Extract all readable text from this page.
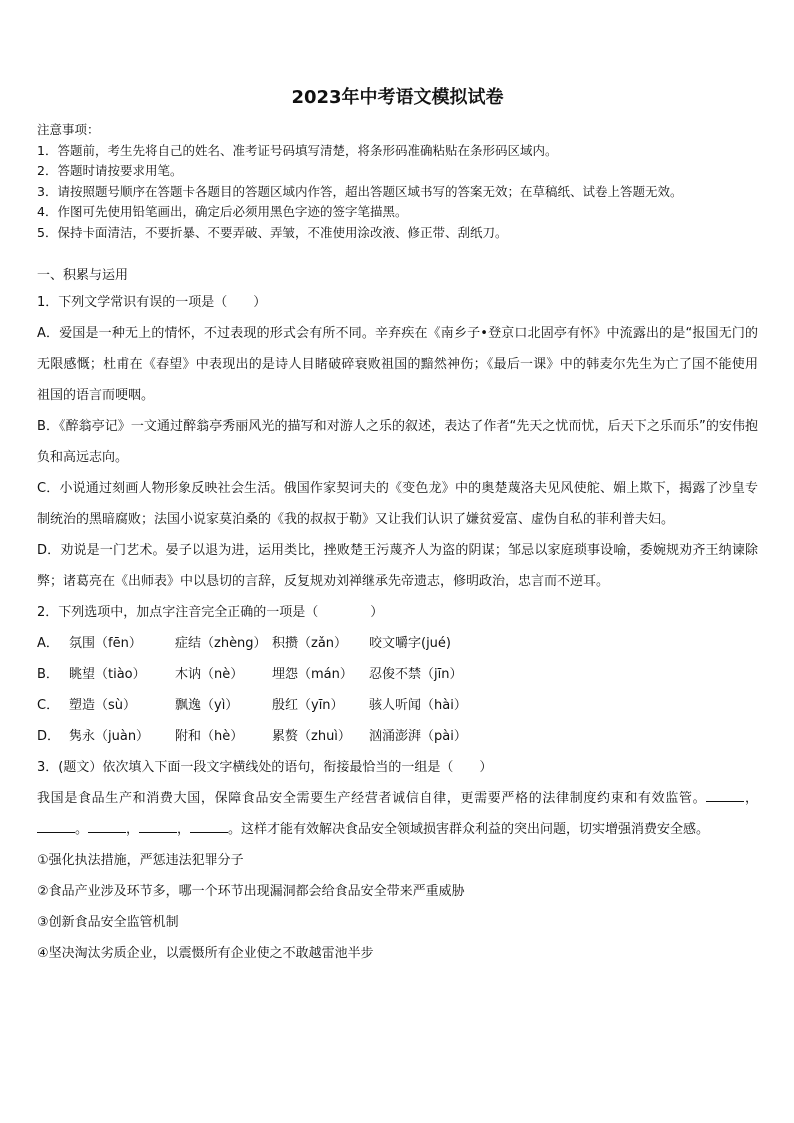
2023年中考语文模拟试卷
注意事项：
1．答题前，考生先将自己的姓名、准考证号码填写清楚，将条形码准确粘贴在条形码区域内。
2．答题时请按要求用笔。
3．请按照题号顺序在答题卡各题目的答题区域内作答，超出答题区域书写的答案无效；在草稿纸、试卷上答题无效。
4．作图可先使用铅笔画出，确定后必须用黑色字迹的签字笔描黑。
5．保持卡面清洁，不要折暴、不要弄破、弄皱，不准使用涂改液、修正带、刮纸刀。
一、积累与运用
1．下列文学常识有误的一项是（　　）
A．爱国是一种无上的情怀，不过表现的形式会有所不同。辛弃疾在《南乡子•登京口北固亭有怀》中流露出的是“报国无门的无限感慨；杜甫在《春望》中表现出的是诗人目睹破碎衰败祖国的黯然神伤；《最后一课》中的韩麦尔先生为亡了国不能使用祖国的语言而哽咽。
B．《醉翁亭记》一文通过醉翁亭秀丽风光的描写和对游人之乐的叙述，表达了作者“先天之忧而忧，后天下之乐而乐”的安伟抱负和高远志向。
C．小说通过刻画人物形象反映社会生活。俄国作家契诃夫的《变色龙》中的奥楚蔑洛夫见风使舵、媚上欺下，揭露了沙皇专制统治的黑暗腐败；法国小说家莫泊桑的《我的叔叔于勒》又让我们认识了嫌贫爱富、虚伪自私的菲利普夫妇。
D．劝说是一门艺术。晏子以退为进，运用类比，挫败楚王污蔑齐人为盗的阴谋；邹忌以家庭琐事设喻，委婉规劝齐王纳谏除弊；诸葛亮在《出师表》中以恳切的言辞，反复规劝刘禅继承先帝遗志，修明政治，忠言而不逆耳。
2．下列选项中，加点字注音完全正确的一项是（　　　　）
A． 氛围（fēn）	症结（zhèng） 积攒（zǎn） 咬文嚼字(jué)
B． 眺望（tiào） 木讷（nè） 埋怨（mán） 忍俊不禁（jīn）
C． 塑造（sù）	飘逸（yì）	殷红（yīn） 骇人听闻（hài）
D． 隽永（juàn） 附和（hè） 累赘（zhuì） 汹涌澎湃（pài）
3．(题文）依次填入下面一段文字横线处的语句，衔接最恰当的一组是（　　）
我国是食品生产和消费大国，保障食品安全需要生产经营者诚信自律，更需要严格的法律制度约束和有效监管。	，。	，	，	。这样才能有效解决食品安全领域损害群众利益的突出问题，切实增强消费安全感。
①强化执法措施，严惩违法犯罪分子
②食品产业涉及环节多，哪一个环节出现漏洞都会给食品安全带来严重威胁
③创新食品安全监管机制
④坚决淘汰劣质企业，以震慑所有企业使之不敢越雷池半步
